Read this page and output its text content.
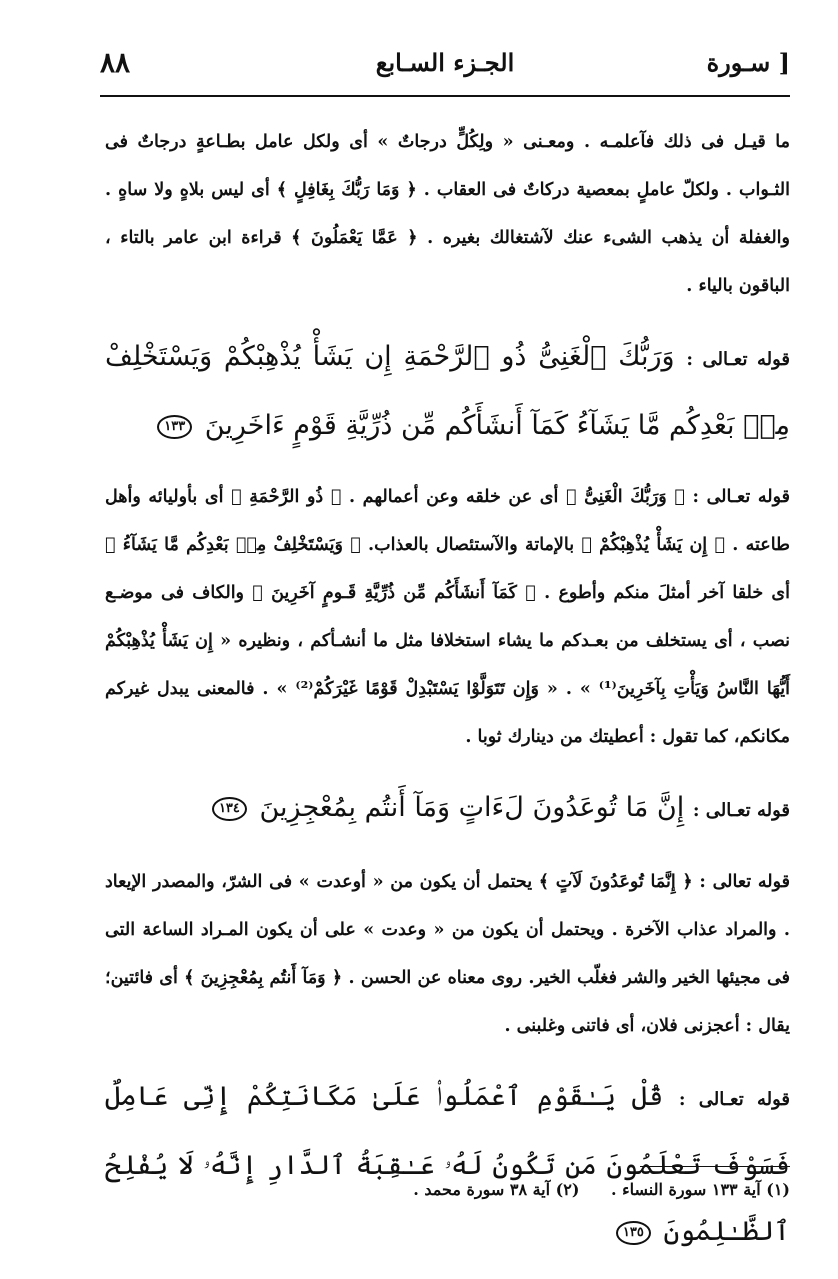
٨٨	الجـزء السـابع	[ سـورة

ما قيـل فى ذلك فآعلمـه . ومعـنى « ولِكُلٍّ درجاتٌ » أى ولكل عامل بطـاعةٍ درجاتٌ فى الثـواب . ولكلّ عاملٍ بمعصية دركاتٌ فى العقاب . ﴿ وَمَا رَبُّكَ بِغَافِلٍ ﴾ أى ليس بلاهٍ ولا ساهٍ . والغفلة أن يذهب الشىء عنك لآشتغالك بغيره . ﴿ عَمَّا يَعْمَلُونَ ﴾ قراءة ابن عامر بالتاء ، الباقون بالياء .

قوله تعـالى : وَرَبُّكَ ٱلْغَنِىُّ ذُو ٱلرَّحْمَةِ إِن يَشَأْ يُذْهِبْكُمْ وَيَسْتَخْلِفْ مِنۢ بَعْدِكُم مَّا يَشَآءُ كَمَآ أَنشَأَكُم مِّن ذُرِّيَّةِ قَوْمٍ ءَاخَرِينَ ١٣٣

قوله تعـالى : ﴿ وَرَبُّكَ الْغَنِىُّ ﴾ أى عن خلقه وعن أعمالهم . ﴿ ذُو الرَّحْمَةِ ﴾ أى بأوليائه وأهل طاعته . ﴿ إِن يَشَأْ يُذْهِبْكُمْ ﴾ بالإماتة والآستئصال بالعذاب. ﴿ وَيَسْتَخْلِفْ مِنۢ بَعْدِكُم مَّا يَشَآءُ ﴾ أى خلقا آخر أمثلَ منكم وأطوع . ﴿ كَمَآ أَنشَأَكُم مِّن ذُرِّيَّةِ قَـومٍ آخَرِينَ ﴾ والكاف فى موضـع نصب ، أى يستخلف من بعـدكم ما يشاء استخلافا مثل ما أنشـأكم ، ونظيره « إِن يَشَأْ يُذْهِبْكُمْ أَيُّهَا النَّاسُ وَيَأْتِ بِآخَرِينَ⁽¹⁾ » . « وَإِن تَتَوَلَّوْا يَسْتَبْدِلْ قَوْمًا غَيْرَكُمْ⁽²⁾ » . فالمعنى يبدل غيركم مكانكم، كما تقول : أعطيتك من دينارك ثوبا .

قوله تعـالى : إِنَّ مَا تُوعَدُونَ لَءَاتٍ وَمَآ أَنتُم بِمُعْجِزِينَ ١٣٤

قوله تعالى : ﴿ إِنَّمَا تُوعَدُونَ لَآتٍ ﴾ يحتمل أن يكون من « أوعدت » فى الشرّ، والمصدر الإيعاد . والمراد عذاب الآخرة . ويحتمل أن يكون من « وعدت » على أن يكون المـراد الساعة التى فى مجيئها الخير والشر فغلّب الخير. روى معناه عن الحسن . ﴿ وَمَآ أَنتُم بِمُعْجِزِينَ ﴾ أى فائتين؛ يقال : أعجزنى فلان، أى فاتنى وغلبنى .

قوله تعـالى : قُلْ يَـٰقَوْمِ ٱعْمَلُوا۟ عَلَىٰ مَكَانَتِكُمْ إِنِّى عَامِلٌ فَسَوْفَ تَعْلَمُونَ مَن تَكُونُ لَهُۥ عَـٰقِبَةُ ٱلدَّارِ إِنَّهُۥ لَا يُفْلِحُ ٱلظَّـٰلِمُونَ ١٣٥

(١) آية ١٣٣ سورة النساء . (٢) آية ٣٨ سورة محمد .
